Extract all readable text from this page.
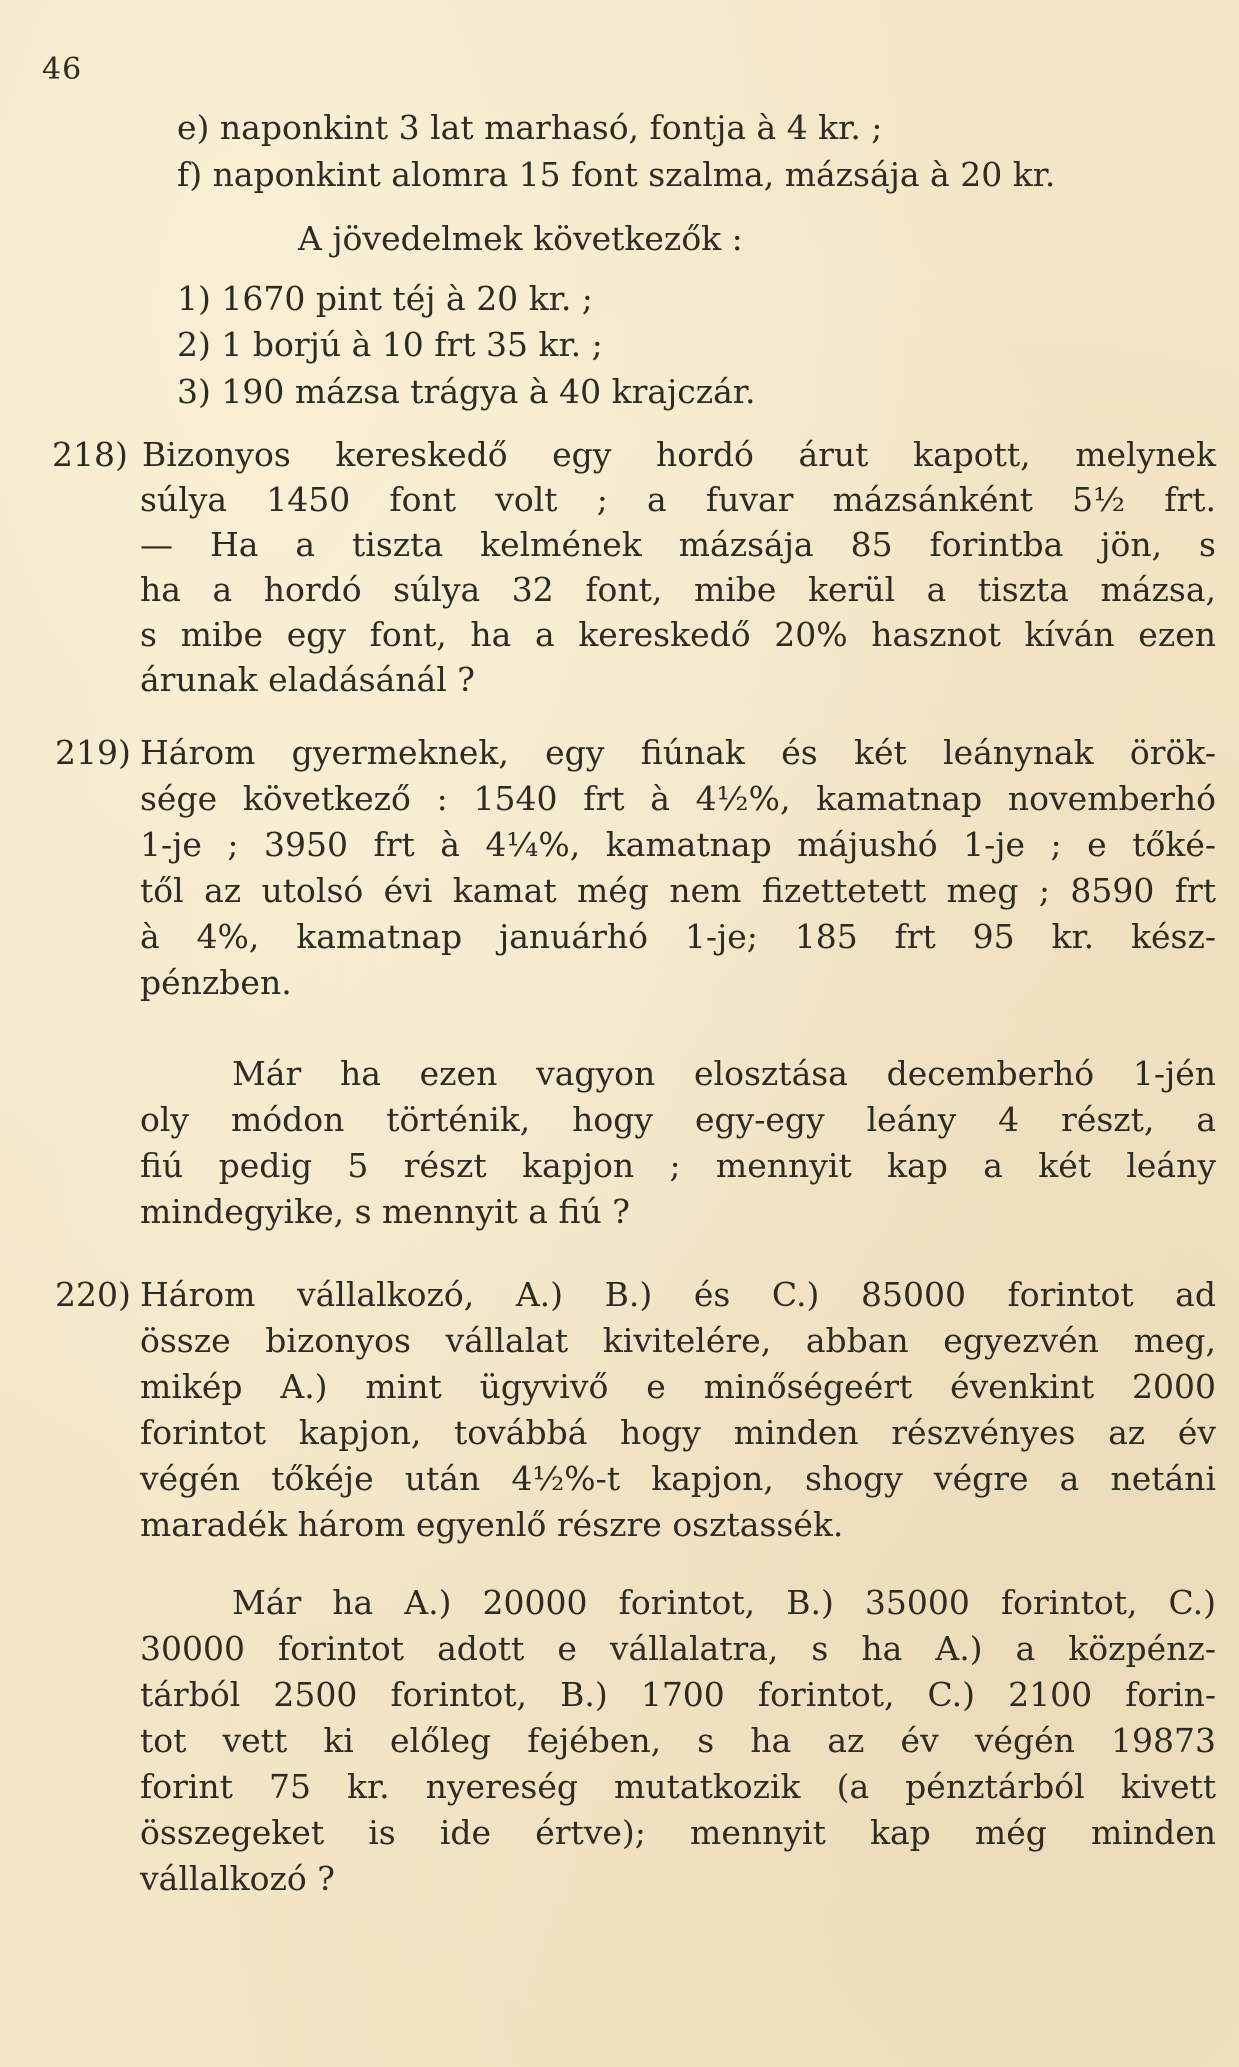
46
e) naponkint 3 lat marhasó, fontja à 4 kr. ;
f) naponkint alomra 15 font szalma, mázsája à 20 kr.
A jövedelmek következők :
1) 1670 pint téj à 20 kr. ;
2) 1 borjú à 10 frt 35 kr. ;
3) 190 mázsa trágya à 40 krajczár.
218) Bizonyos kereskedő egy hordó árut kapott, melynek
súlya 1450 font volt ; a fuvar mázsánként 5½ frt.
— Ha a tiszta kelmének mázsája 85 forintba jön, s
ha a hordó súlya 32 font, mibe kerül a tiszta mázsa,
s mibe egy font, ha a kereskedő 20% hasznot kíván ezen
árunak eladásánál ?
219) Három gyermeknek, egy fiúnak és két leánynak örök-
sége következő : 1540 frt à 4½%, kamatnap novemberhó
1-je ; 3950 frt à 4¼%, kamatnap májushó 1-je ; e tőké-
től az utolsó évi kamat még nem fizettetett meg ; 8590 frt
à 4%, kamatnap januárhó 1-je; 185 frt 95 kr. kész-
pénzben.
Már ha ezen vagyon elosztása decemberhó 1-jén
oly módon történik, hogy egy-egy leány 4 részt, a
fiú pedig 5 részt kapjon ; mennyit kap a két leány
mindegyike, s mennyit a fiú ?
220) Három vállalkozó, A.) B.) és C.) 85000 forintot ad
össze bizonyos vállalat kivitelére, abban egyezvén meg,
mikép A.) mint ügyvivő e minőségeért évenkint 2000
forintot kapjon, továbbá hogy minden részvényes az év
végén tőkéje után 4½%-t kapjon, shogy végre a netáni
maradék három egyenlő részre osztassék.
Már ha A.) 20000 forintot, B.) 35000 forintot, C.)
30000 forintot adott e vállalatra, s ha A.) a közpénz-
tárból 2500 forintot, B.) 1700 forintot, C.) 2100 forin-
tot vett ki előleg fejében, s ha az év végén 19873
forint 75 kr. nyereség mutatkozik (a pénztárból kivett
összegeket is ide értve); mennyit kap még minden
vállalkozó ?
